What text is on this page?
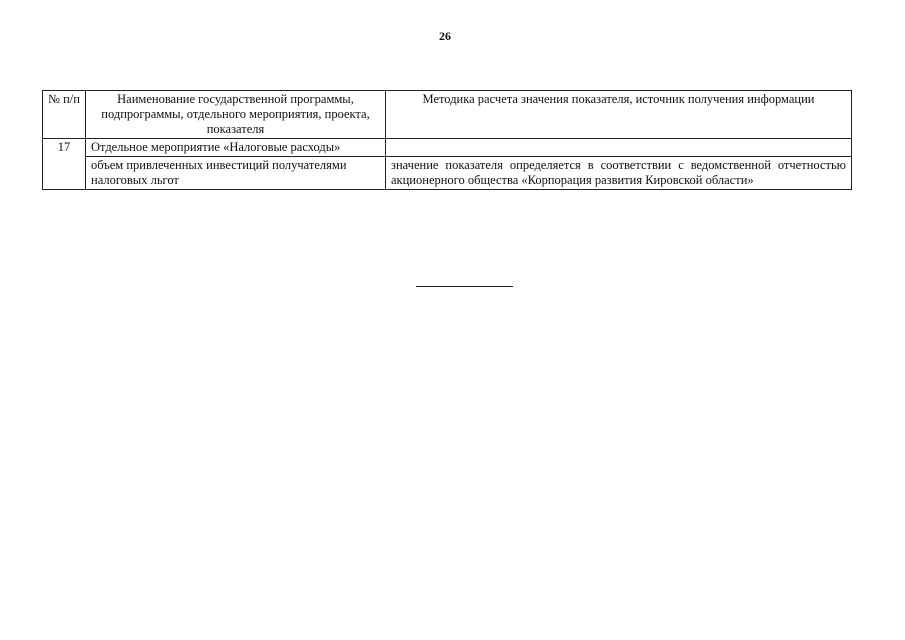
26
№ п/п	Наименование государственной программы, подпрограммы, отдельного мероприятия, проекта, показателя	Методика расчета значения показателя, источник получения информации
17	Отдельное мероприятие «Налоговые расходы»	
	объем привлеченных инвестиций получателями налоговых льгот	значение показателя определяется в соответствии с ведомственной отчетностью акционерного общества «Корпорация развития Кировской области»
